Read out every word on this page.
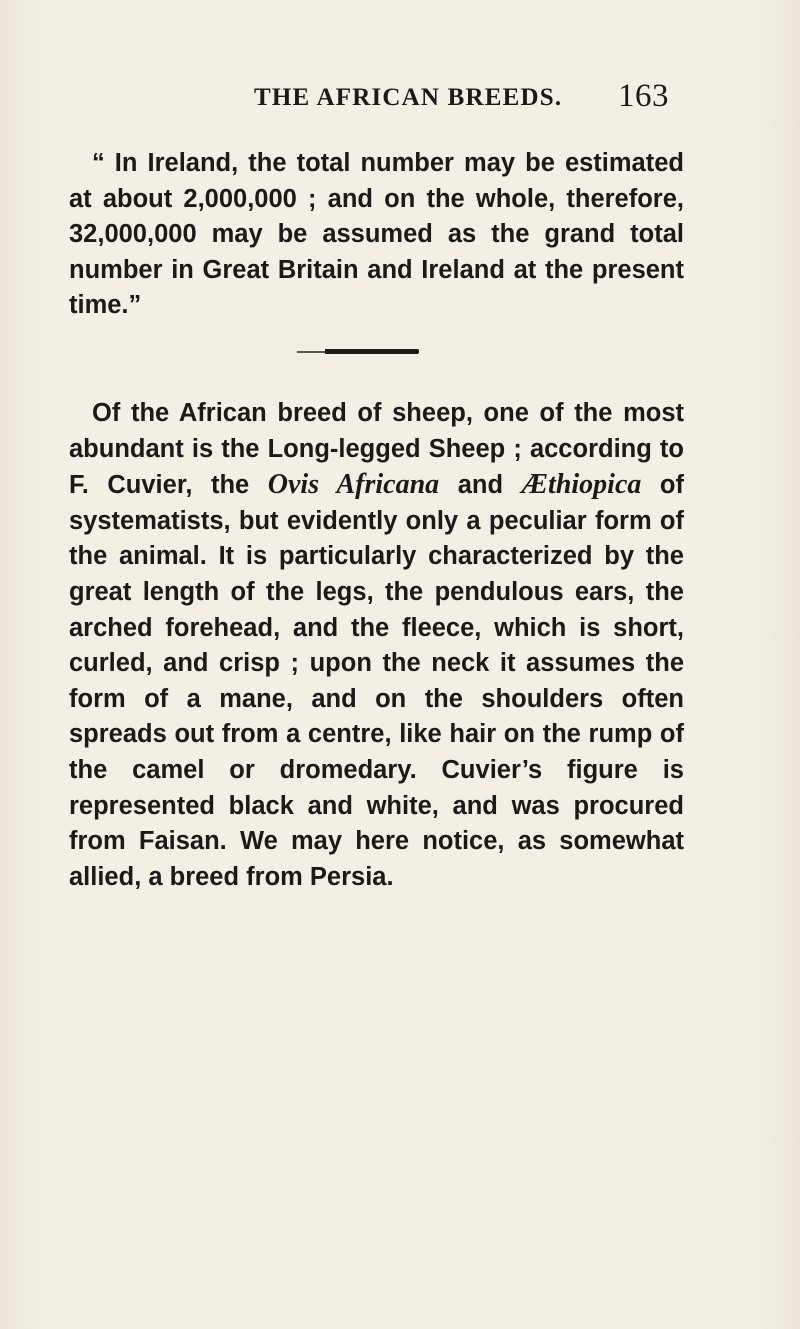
THE AFRICAN BREEDS. 163

“ In Ireland, the total number may be estimated at about 2,000,000 ; and on the whole, therefore, 32,000,000 may be assumed as the grand total number in Great Britain and Ireland at the present time.”

Of the African breed of sheep, one of the most abundant is the Long-legged Sheep ; according to F. Cuvier, the Ovis Africana and Æthiopica of systematists, but evidently only a peculiar form of the animal. It is particularly characterized by the great length of the legs, the pendulous ears, the arched forehead, and the fleece, which is short, curled, and crisp ; upon the neck it assumes the form of a mane, and on the shoulders often spreads out from a centre, like hair on the rump of the camel or dromedary. Cuvier’s figure is represented black and white, and was procured from Faisan. We may here notice, as somewhat allied, a breed from Persia.
